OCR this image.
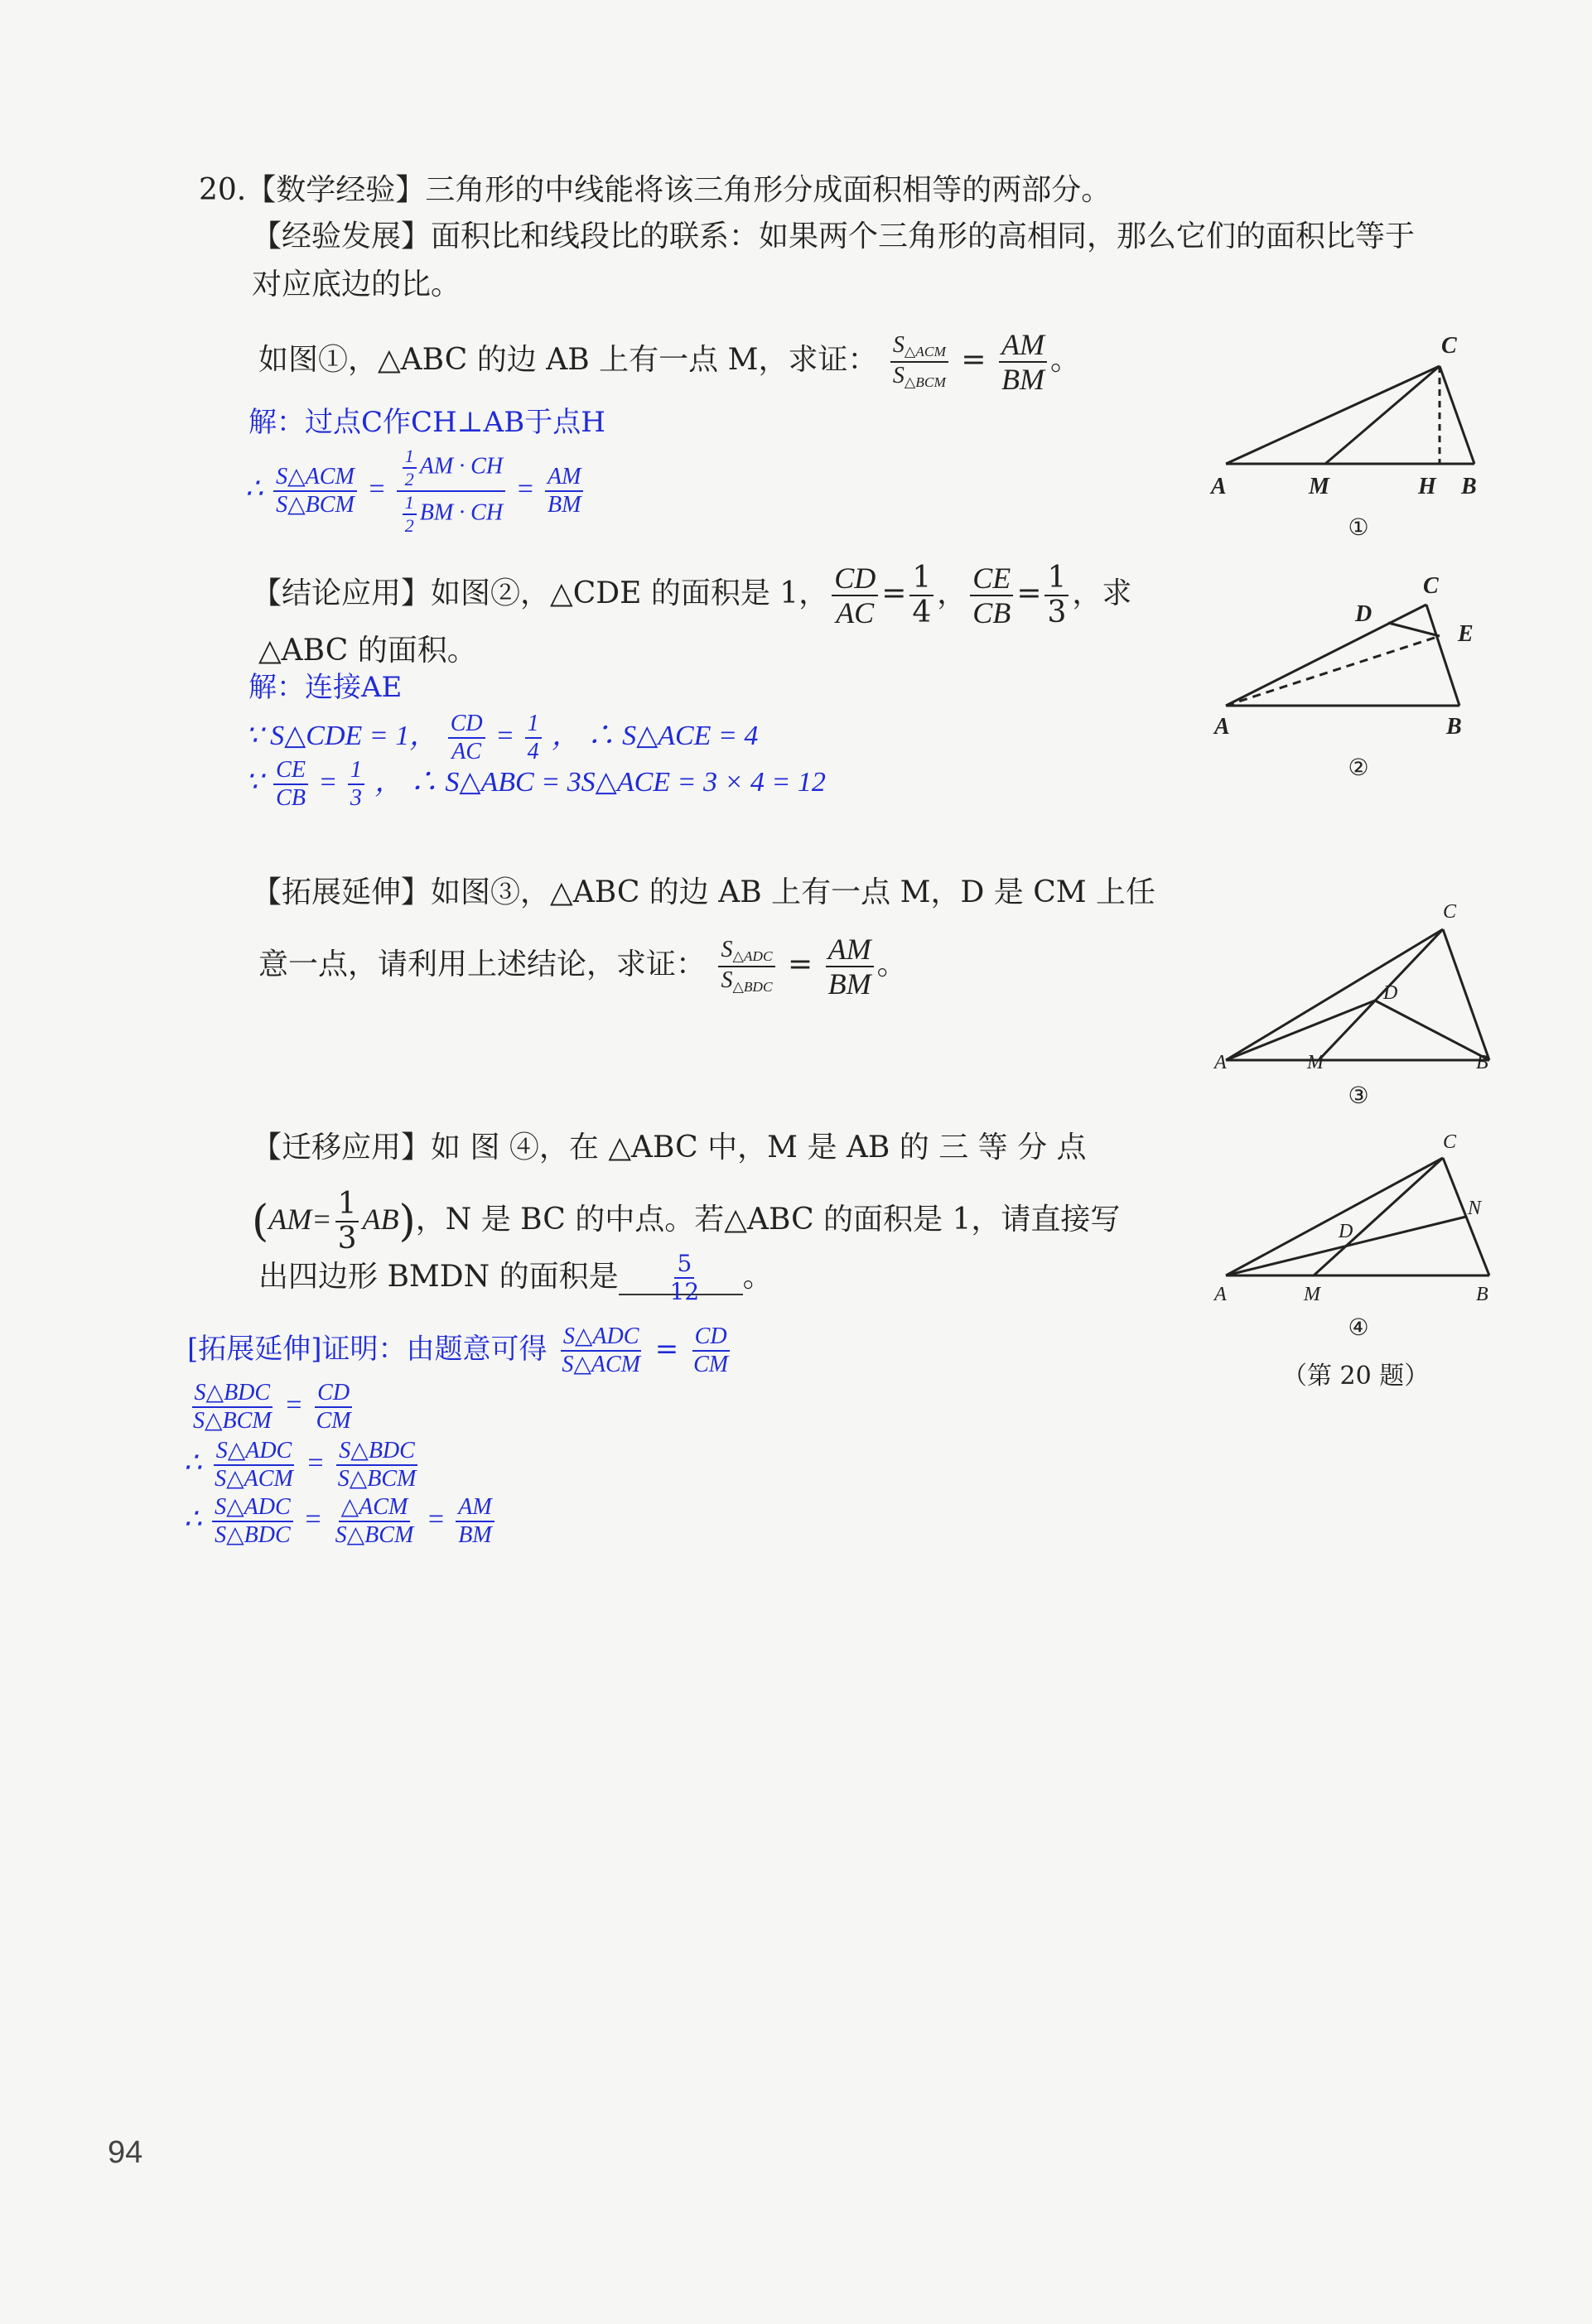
20.【数学经验】三角形的中线能将该三角形分成面积相等的两部分。
【经验发展】面积比和线段比的联系：如果两个三角形的高相同，那么它们的面积比等于
对应底边的比。
如图①，△ABC 的边 AB 上有一点 M，求证： $\frac{S_{\triangle ACM}}{S_{\triangle BCM}} = \frac{AM}{BM}$ 。
解：过点C作CH⊥AB于点H
∴ $\frac{\text{S△ACM}}{\text{S△BCM}} = \frac{\frac{1}{2} AM \cdot CH}{\frac{1}{2} BM \cdot CH} = \frac{AM}{BM}$
【结论应用】如图②，△CDE 的面积是 1， $\frac{CD}{AC} = \frac{1}{4}$ ， $\frac{CE}{CB} = \frac{1}{3}$ ，求
△ABC 的面积。
解：连接AE
∵ S△CDE = 1， $\frac{CD}{AC} = \frac{1}{4}$ ， ∴ S△ACE = 4
∵ $\frac{CE}{CB} = \frac{1}{3}$ ， ∴ S△ABC = 3S△ACE = 3 × 4 = 12
【拓展延伸】如图③，△ABC 的边 AB 上有一点 M，D 是 CM 上任
意一点，请利用上述结论，求证： $\frac{S_{\triangle ADC}}{S_{\triangle BDC}} = \frac{AM}{BM}$ 。
【迁移应用】如 图 ④，在 △ABC 中，M 是 AB 的 三 等 分 点
$(AM= \frac{1}{3} AB)$，N 是 BC 的中点。若△ABC 的面积是 1，请直接写
出四边形 BMDN 的面积是 $\frac{5}{12}$ 。
[拓展延伸]证明：由题意可得 $\frac{\text{S△ADC}}{\text{S△ACM}} = \frac{CD}{CM}$
$\frac{\text{S△BDC}}{\text{S△BCM}} = \frac{CD}{CM}$
∴ $\frac{\text{S△ADC}}{\text{S△ACM}} = \frac{\text{S△BDC}}{\text{S△BCM}}$
∴ $\frac{\text{S△ADC}}{\text{S△BDC}} = \frac{\text{△ACM}}{\text{S△BCM}} = \frac{AM}{BM}$
A	M	H B
C
①
A	B
C
D
E
②
A	M	B
C
D
③
A	M	B
C
D
N
④
（第 20 题）
94
